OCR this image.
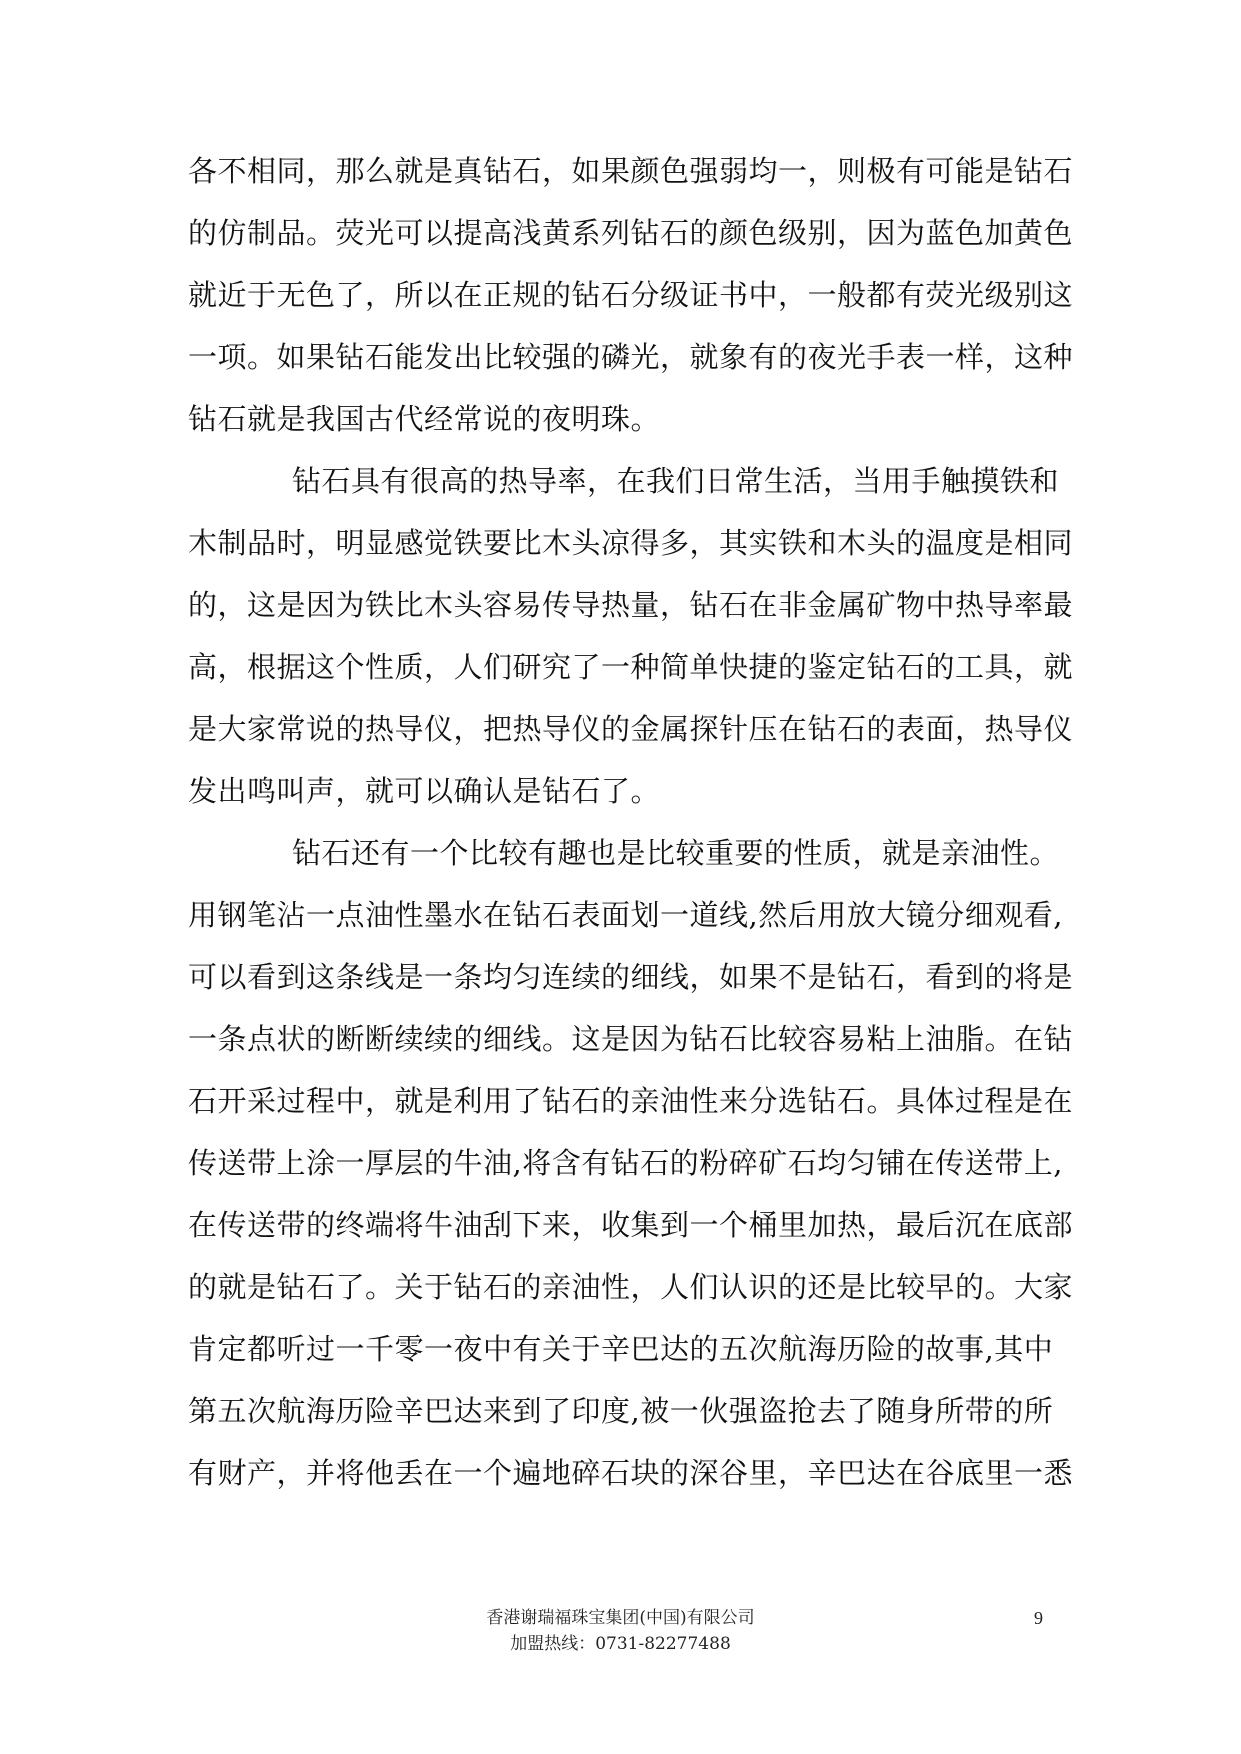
各不相同，那么就是真钻石，如果颜色强弱均一，则极有可能是钻石
的仿制品。荧光可以提高浅黄系列钻石的颜色级别，因为蓝色加黄色
就近于无色了，所以在正规的钻石分级证书中，一般都有荧光级别这
一项。如果钻石能发出比较强的磷光，就象有的夜光手表一样，这种
钻石就是我国古代经常说的夜明珠。
钻石具有很高的热导率，在我们日常生活，当用手触摸铁和
木制品时，明显感觉铁要比木头凉得多，其实铁和木头的温度是相同
的，这是因为铁比木头容易传导热量，钻石在非金属矿物中热导率最
高，根据这个性质，人们研究了一种简单快捷的鉴定钻石的工具，就
是大家常说的热导仪，把热导仪的金属探针压在钻石的表面，热导仪
发出鸣叫声，就可以确认是钻石了。
钻石还有一个比较有趣也是比较重要的性质，就是亲油性。
用钢笔沾一点油性墨水在钻石表面划一道线,然后用放大镜分细观看,
可以看到这条线是一条均匀连续的细线，如果不是钻石，看到的将是
一条点状的断断续续的细线。这是因为钻石比较容易粘上油脂。在钻
石开采过程中，就是利用了钻石的亲油性来分选钻石。具体过程是在
传送带上涂一厚层的牛油,将含有钻石的粉碎矿石均匀铺在传送带上,
在传送带的终端将牛油刮下来，收集到一个桶里加热，最后沉在底部
的就是钻石了。关于钻石的亲油性，人们认识的还是比较早的。大家
肯定都听过一千零一夜中有关于辛巴达的五次航海历险的故事,其中
第五次航海历险辛巴达来到了印度,被一伙强盗抢去了随身所带的所
有财产，并将他丢在一个遍地碎石块的深谷里，辛巴达在谷底里一悉
香港谢瑞福珠宝集团(中国)有限公司
加盟热线：0731-82277488
9
